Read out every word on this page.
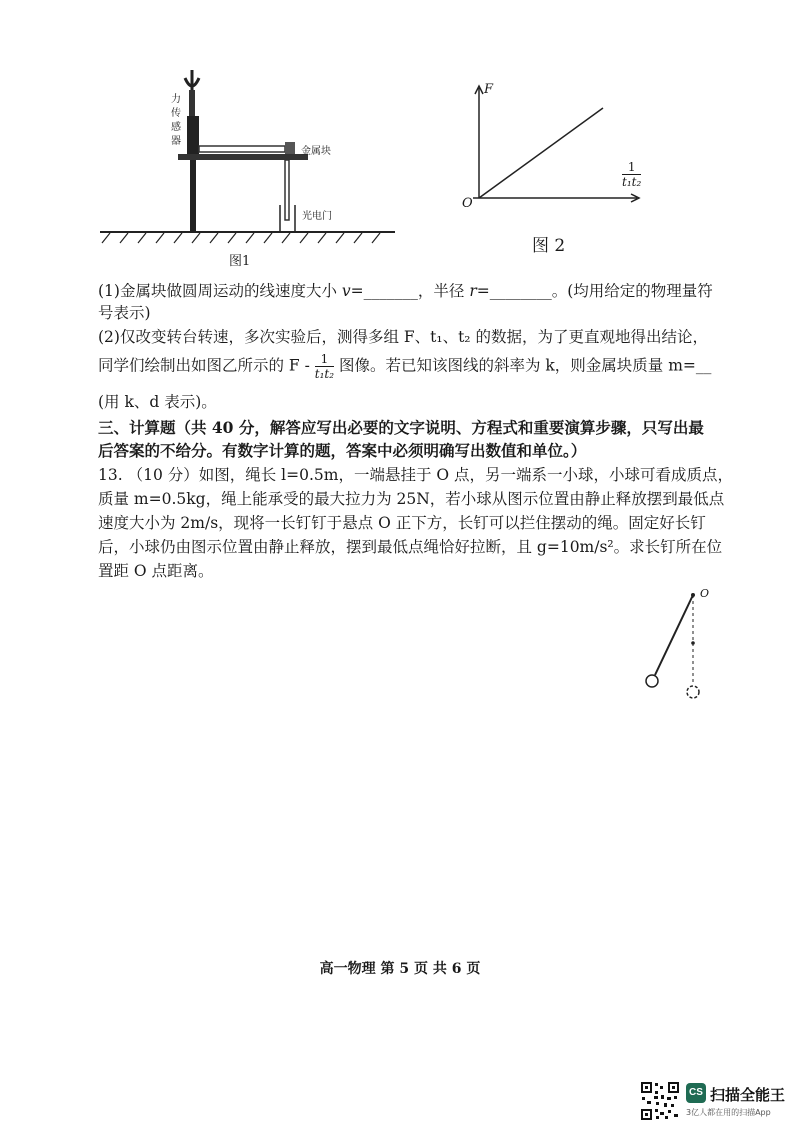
力传感器
金属块
光电门
图1
F
O
$\frac{1}{\text{t₁t₂}}$
图 2
(1)金属块做圆周运动的线速度大小 v=_______，半径 r=________。(均用给定的物理量符
号表示)
(2)仅改变转台转速，多次实验后，测得多组 F、t₁、t₂ 的数据，为了更直观地得出结论，
同学们绘制出如图乙所示的 F - $\frac{1}{\text{t₁t₂}}$ 图像。若已知该图线的斜率为 k，则金属块质量 m=__
(用 k、d 表示)。
三、计算题（共 40 分，解答应写出必要的文字说明、方程式和重要演算步骤，只写出最
后答案的不给分。有数字计算的题，答案中必须明确写出数值和单位。）
13. （10 分）如图，绳长 l=0.5m，一端悬挂于 O 点，另一端系一小球，小球可看成质点，
质量 m=0.5kg，绳上能承受的最大拉力为 25N，若小球从图示位置由静止释放摆到最低点
速度大小为 2m/s，现将一长钉钉于悬点 O 正下方，长钉可以拦住摆动的绳。固定好长钉
后，小球仍由图示位置由静止释放，摆到最低点绳恰好拉断，且 g=10m/s²。求长钉所在位
置距 O 点距离。
O
高一物理 第 5 页 共 6 页
CS 扫描全能王
3亿人都在用的扫描App
